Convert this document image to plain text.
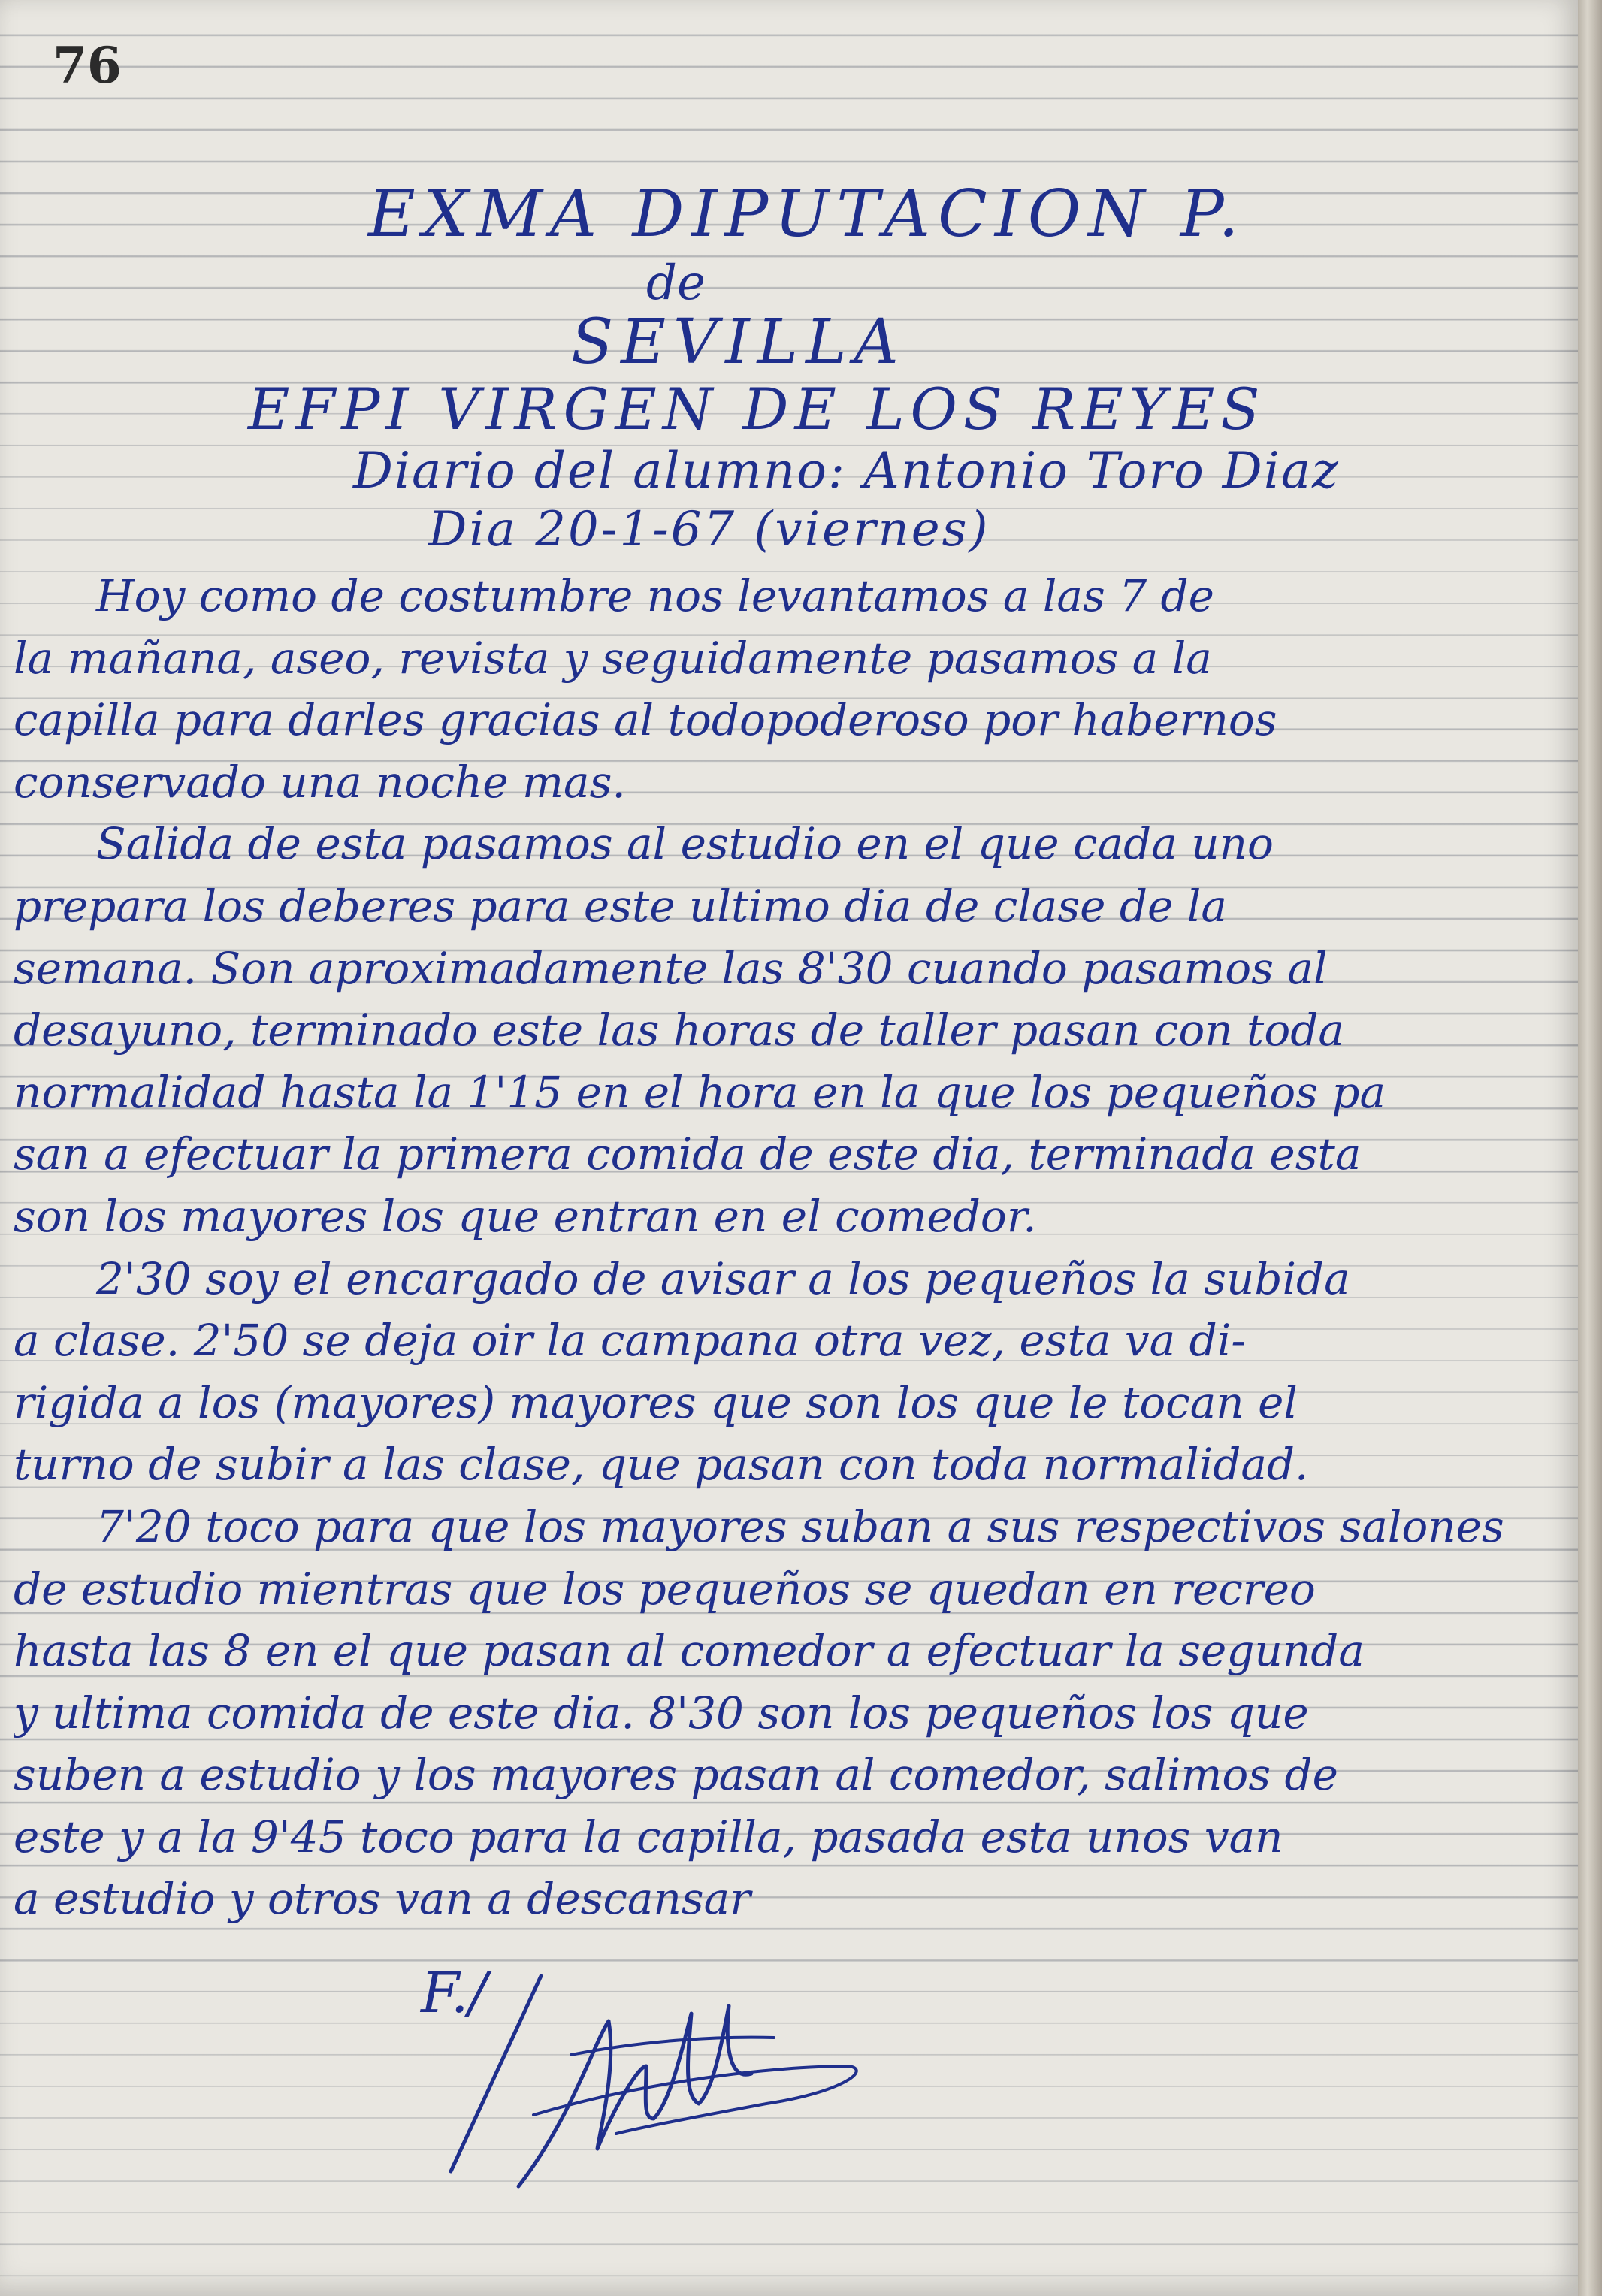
76
EXMA DIPUTACION P.
de
SEVILLA
EFPI VIRGEN DE LOS REYES
Diario del alumno: Antonio Toro Diaz
Dia 20-1-67 (viernes)
Hoy como de costumbre nos levantamos a las 7 de
la mañana, aseo, revista y seguidamente pasamos a la
capilla para darles gracias al todopoderoso por habernos
conservado una noche mas.
Salida de esta pasamos al estudio en el que cada uno
prepara los deberes para este ultimo dia de clase de la
semana. Son aproximadamente las 8'30 cuando pasamos al
desayuno, terminado este las horas de taller pasan con toda
normalidad hasta la 1'15 en el hora en la que los pequeños pa
san a efectuar la primera comida de este dia, terminada esta
son los mayores los que entran en el comedor.
2'30 soy el encargado de avisar a los pequeños la subida
a clase. 2'50 se deja oir la campana otra vez, esta va di-
rigida a los (mayores) mayores que son los que le tocan el
turno de subir a las clase, que pasan con toda normalidad.
7'20 toco para que los mayores suban a sus respectivos salones
de estudio mientras que los pequeños se quedan en recreo
hasta las 8 en el que pasan al comedor a efectuar la segunda
y ultima comida de este dia. 8'30 son los pequeños los que
suben a estudio y los mayores pasan al comedor, salimos de
este y a la 9'45 toco para la capilla, pasada esta unos van
a estudio y otros van a descansar
F./
